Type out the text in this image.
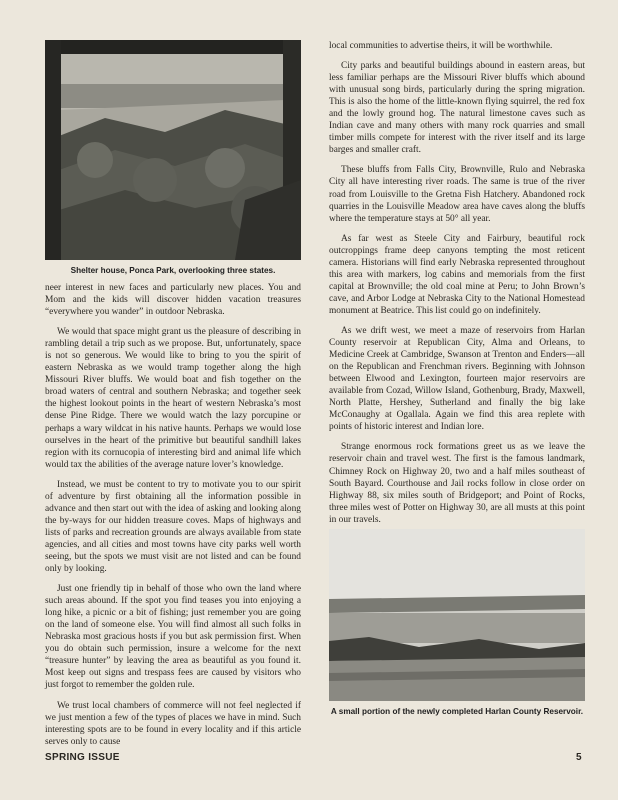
Shelter house, Ponca Park, overlooking three states.

neer interest in new faces and particularly new places. You and Mom and the kids will discover hidden vacation treasures “everywhere you wander” in outdoor Nebraska.

We would that space might grant us the pleasure of describing in rambling detail a trip such as we propose. But, unfortunately, space is not so generous. We would like to bring to you the spirit of eastern Nebraska as we would tramp together along the high Missouri River bluffs. We would boat and fish together on the broad waters of central and southern Nebraska; and together seek the highest lookout points in the heart of western Nebraska’s most dense Pine Ridge. There we would watch the lazy porcupine or perhaps a wary wildcat in his native haunts. Perhaps we would lose ourselves in the heart of the primitive but beautiful sandhill lakes region with its cornucopia of interesting bird and animal life which would tax the abilities of the average nature lover’s knowledge.

Instead, we must be content to try to motivate you to our spirit of adventure by first obtaining all the information possible in advance and then start out with the idea of asking and looking along the by-ways for our hidden treasure coves. Maps of highways and lists of parks and recreation grounds are always available from state agencies, and all cities and most towns have city parks well worth seeing, but the spots we must visit are not listed and can be found only by looking.

Just one friendly tip in behalf of those who own the land where such areas abound. If the spot you find teases you into enjoying a long hike, a picnic or a bit of fishing; just remember you are going on the land of someone else. You will find almost all such folks in Nebraska most gracious hosts if you but ask permission first. When you do obtain such permission, insure a welcome for the next “treasure hunter” by leaving the area as beautiful as you found it. Most keep out signs and trespass fees are caused by visitors who just forgot to remember the golden rule.

We trust local chambers of commerce will not feel neglected if we just mention a few of the types of places we have in mind. Such interesting spots are to be found in every locality and if this article serves only to cause

local communities to advertise theirs, it will be worthwhile.

City parks and beautiful buildings abound in eastern areas, but less familiar perhaps are the Missouri River bluffs which abound with unusual song birds, particularly during the spring migration. This is also the home of the little-known flying squirrel, the red fox and the lowly ground hog. The natural limestone caves such as Indian cave and many others with many rock quarries and small timber mills compete for interest with the river itself and its large barges and smaller craft.

These bluffs from Falls City, Brownville, Rulo and Nebraska City all have interesting river roads. The same is true of the river road from Louisville to the Gretna Fish Hatchery. Abandoned rock quarries in the Louisville Meadow area have caves along the bluffs where the temperature stays at 50° all year.

As far west as Steele City and Fairbury, beautiful rock outcroppings frame deep canyons tempting the most reticent camera. Historians will find early Nebraska represented throughout this area with markers, log cabins and memorials from the first capital at Brownville; the old coal mine at Peru; to John Brown’s cave, and Arbor Lodge at Nebraska City to the National Homestead monument at Beatrice. This list could go on indefinitely.

As we drift west, we meet a maze of reservoirs from Harlan County reservoir at Republican City, Alma and Orleans, to Medicine Creek at Cambridge, Swanson at Trenton and Enders—all on the Republican and Frenchman rivers. Beginning with Johnson between Elwood and Lexington, fourteen major reservoirs are available from Cozad, Willow Island, Gothenburg, Brady, Maxwell, North Platte, Hershey, Sutherland and finally the big lake McConaughy at Ogallala. Again we find this area replete with points of historic interest and Indian lore.

Strange enormous rock formations greet us as we leave the reservoir chain and travel west. The first is the famous landmark, Chimney Rock on Highway 20, two and a half miles southeast of South Bayard. Courthouse and Jail rocks follow in close order on Highway 88, six miles south of Bridgeport; and Point of Rocks, three miles west of Potter on Highway 30, are all musts at this point in our travels.

A small portion of the newly completed Harlan County Reservoir.

SPRING ISSUE	5
